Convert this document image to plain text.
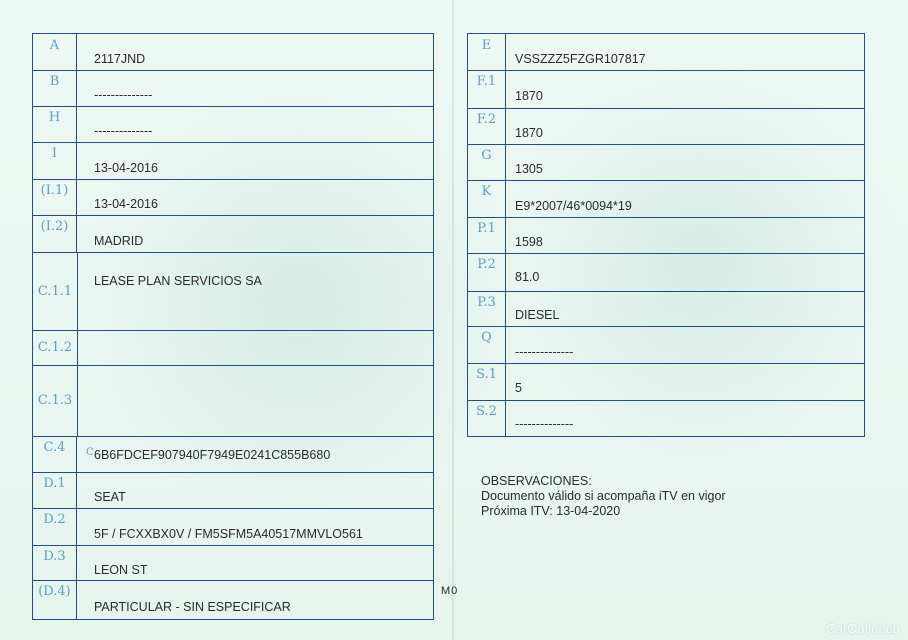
A
2117JND
B
--------------
H
--------------
I
13-04-2016
(I.1)
13-04-2016
(I.2)
MADRID
C.1.1
LEASE PLAN SERVICIOS SA
C.1.2
C.1.3
C.4	C 6B6FDCEF907940F7949E0241C855B680
D.1
SEAT
D.2
5F / FCXXBX0V / FM5SFM5A40517MMVLO561
D.3
LEON ST
(D.4)
PARTICULAR - SIN ESPECIFICAR
E
VSSZZZ5FZGR107817
F.1
1870
F.2
1870
G
1305
K
E9*2007/46*0094*19
P.1
1598
P.2
81.0
P.3
DIESEL
Q
--------------
S.1
5
S.2
--------------
OBSERVACIONES:
Documento válido si acompaña iTV en vigor
Próxima ITV: 13-04-2020
M0
CarOutlet.eu
